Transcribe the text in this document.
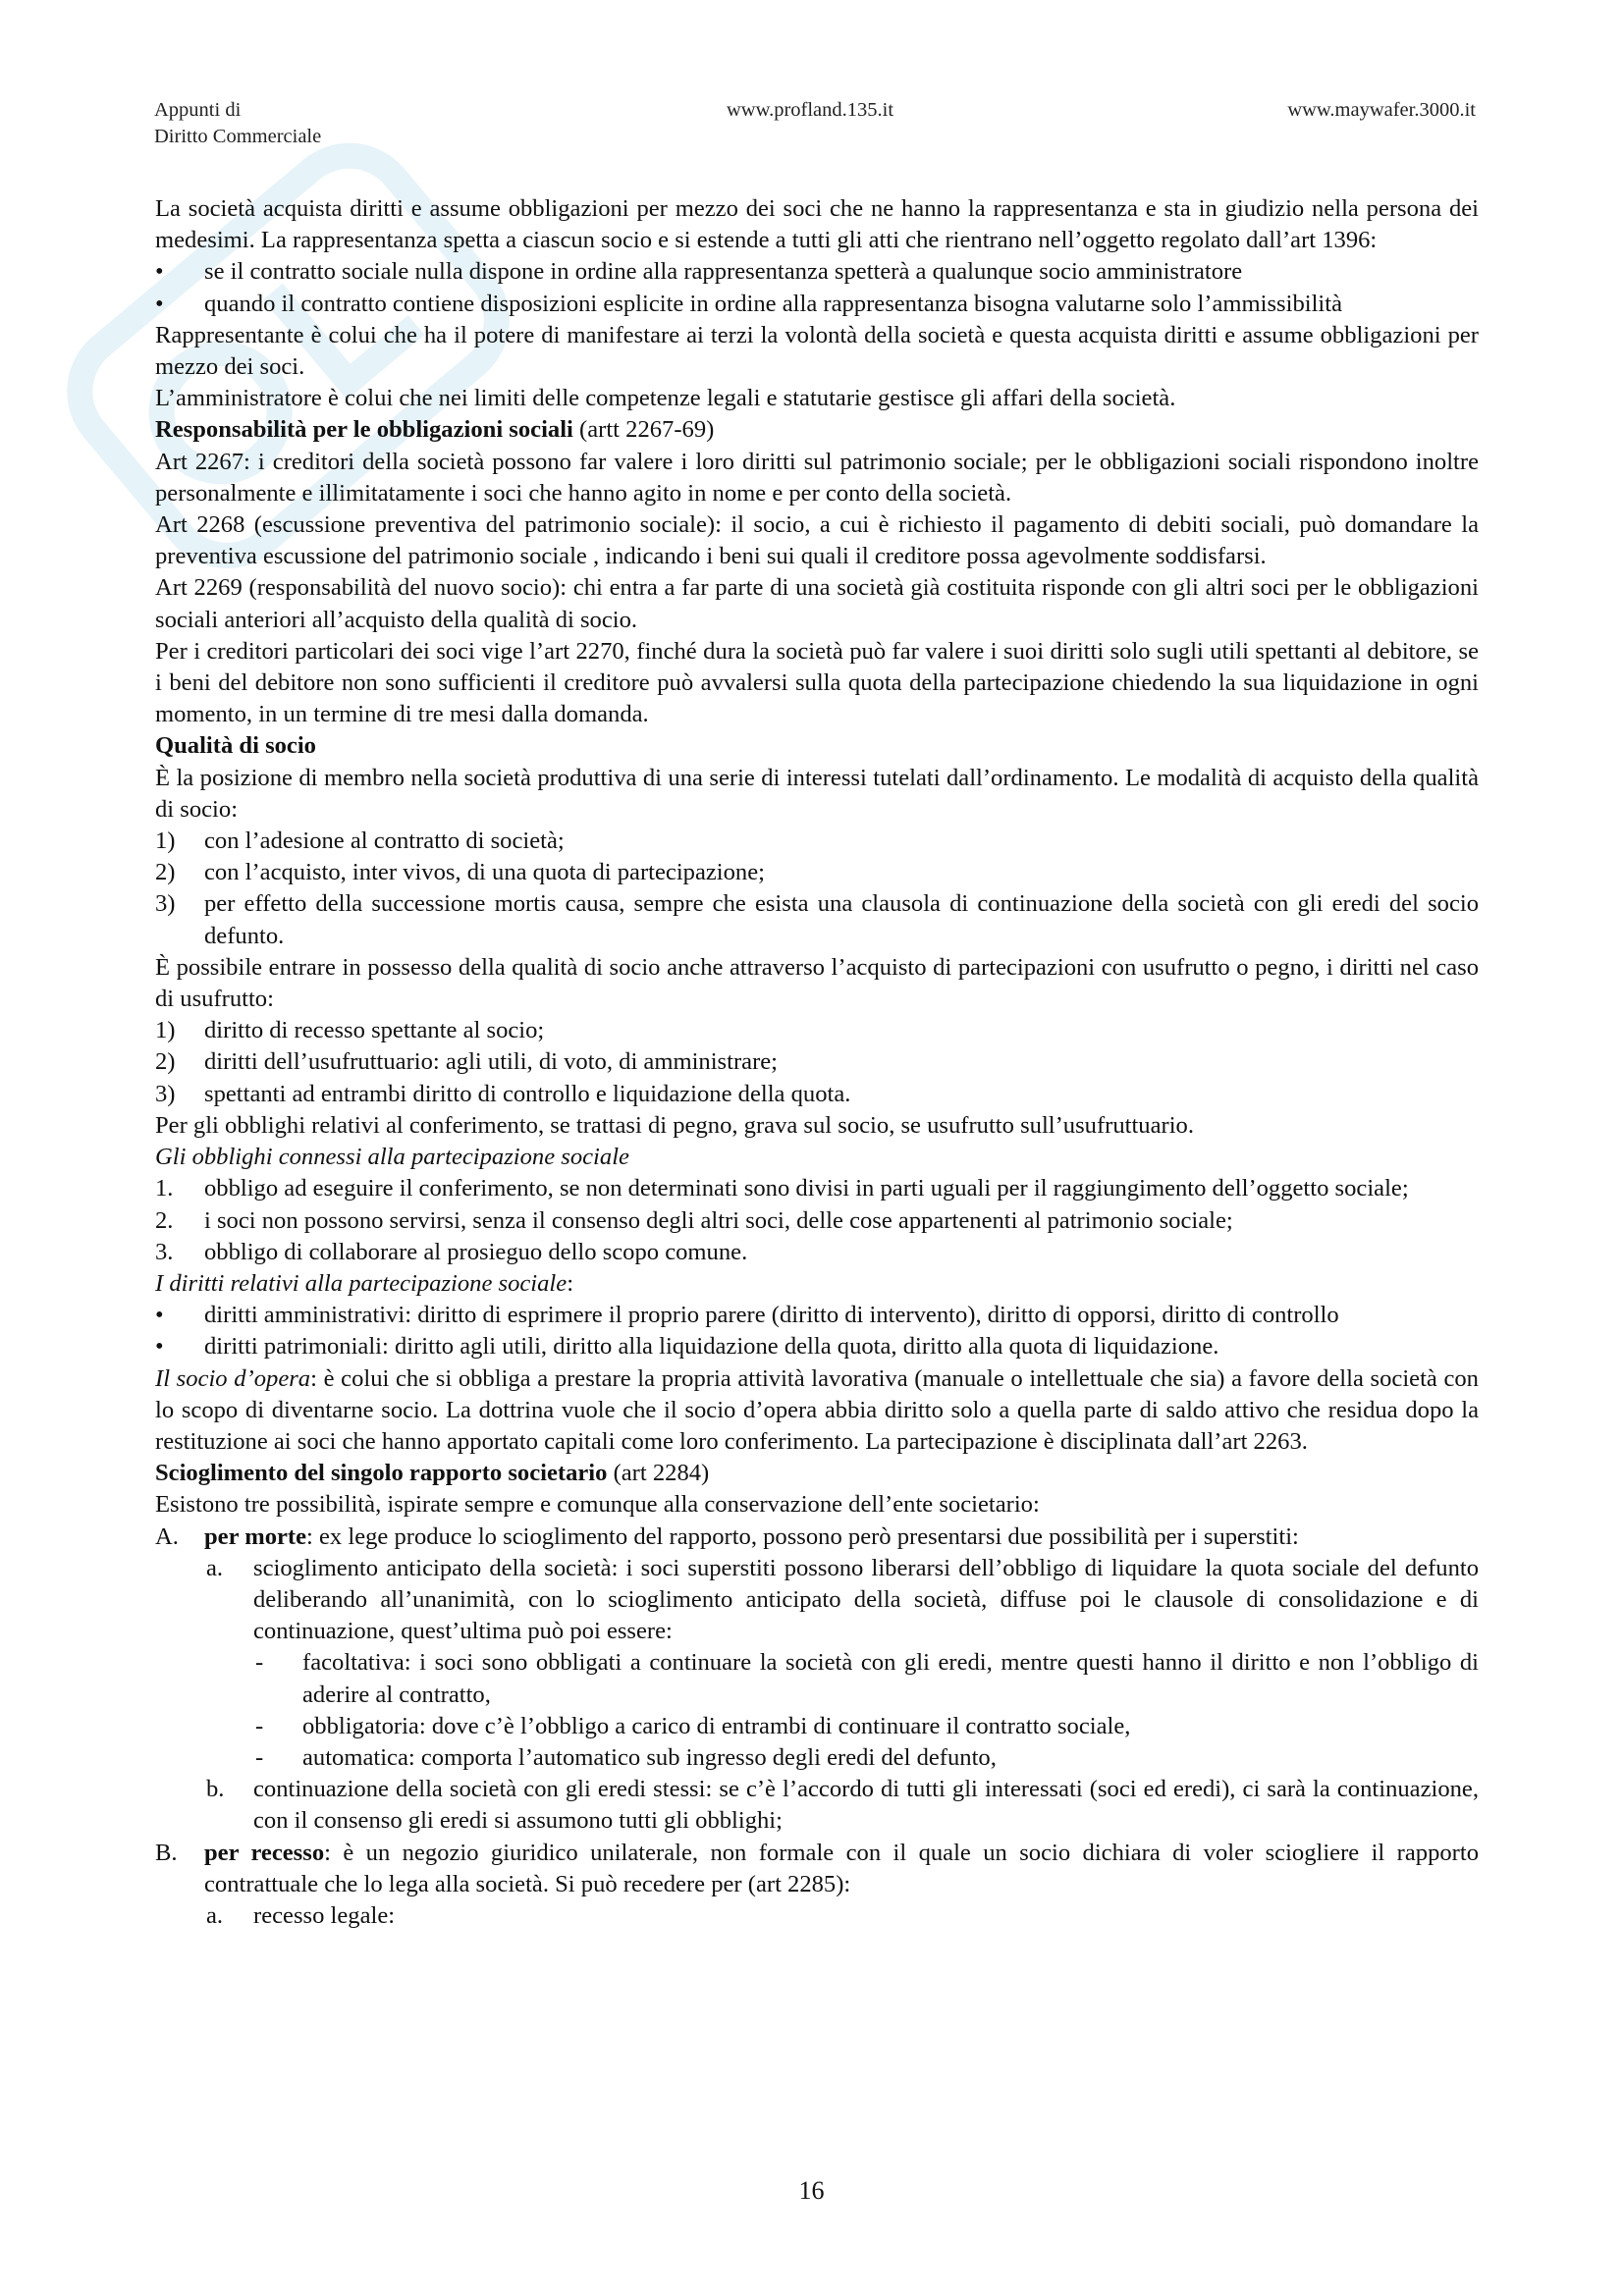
Appunti di
Diritto Commerciale
www.profland.135.it	www.maywafer.3000.it

La società acquista diritti e assume obbligazioni per mezzo dei soci che ne hanno la rappresentanza e sta in giudizio nella persona dei medesimi. La rappresentanza spetta a ciascun socio e si estende a tutti gli atti che rientrano nell’oggetto regolato dall’art 1396:

• se il contratto sociale nulla dispone in ordine alla rappresentanza spetterà a qualunque socio amministratore
• quando il contratto contiene disposizioni esplicite in ordine alla rappresentanza bisogna valutarne solo l’ammissibilità

Rappresentante è colui che ha il potere di manifestare ai terzi la volontà della società e questa acquista diritti e assume obbligazioni per mezzo dei soci.

L’amministratore è colui che nei limiti delle competenze legali e statutarie gestisce gli affari della società.

Responsabilità per le obbligazioni sociali (artt 2267-69)

Art 2267: i creditori della società possono far valere i loro diritti sul patrimonio sociale; per le obbligazioni sociali rispondono inoltre personalmente e illimitatamente i soci che hanno agito in nome e per conto della società.

Art 2268 (escussione preventiva del patrimonio sociale): il socio, a cui è richiesto il pagamento di debiti sociali, può domandare la preventiva escussione del patrimonio sociale , indicando i beni sui quali il creditore possa agevolmente soddisfarsi.

Art 2269 (responsabilità del nuovo socio): chi entra a far parte di una società già costituita risponde con gli altri soci per le obbligazioni sociali anteriori all’acquisto della qualità di socio.

Per i creditori particolari dei soci vige l’art 2270, finché dura la società può far valere i suoi diritti solo sugli utili spettanti al debitore, se i beni del debitore non sono sufficienti il creditore può avvalersi sulla quota della partecipazione chiedendo la sua liquidazione in ogni momento, in un termine di tre mesi dalla domanda.

Qualità di socio

È la posizione di membro nella società produttiva di una serie di interessi tutelati dall’ordinamento. Le modalità di acquisto della qualità di socio:

1) con l’adesione al contratto di società;
2) con l’acquisto, inter vivos, di una quota di partecipazione;
3) per effetto della successione mortis causa, sempre che esista una clausola di continuazione della società con gli eredi del socio defunto.

È possibile entrare in possesso della qualità di socio anche attraverso l’acquisto di partecipazioni con usufrutto o pegno, i diritti nel caso di usufrutto:

1) diritto di recesso spettante al socio;
2) diritti dell’usufruttuario: agli utili, di voto, di amministrare;
3) spettanti ad entrambi diritto di controllo e liquidazione della quota.

Per gli obblighi relativi al conferimento, se trattasi di pegno, grava sul socio, se usufrutto sull’usufruttuario.

Gli obblighi connessi alla partecipazione sociale

1. obbligo ad eseguire il conferimento, se non determinati sono divisi in parti uguali per il raggiungimento dell’oggetto sociale;
2. i soci non possono servirsi, senza il consenso degli altri soci, delle cose appartenenti al patrimonio sociale;
3. obbligo di collaborare al prosieguo dello scopo comune.

I diritti relativi alla partecipazione sociale:

• diritti amministrativi: diritto di esprimere il proprio parere (diritto di intervento), diritto di opporsi, diritto di controllo
• diritti patrimoniali: diritto agli utili, diritto alla liquidazione della quota, diritto alla quota di liquidazione.

Il socio d’opera: è colui che si obbliga a prestare la propria attività lavorativa (manuale o intellettuale che sia) a favore della società con lo scopo di diventarne socio. La dottrina vuole che il socio d’opera abbia diritto solo a quella parte di saldo attivo che residua dopo la restituzione ai soci che hanno apportato capitali come loro conferimento. La partecipazione è disciplinata dall’art 2263.

Scioglimento del singolo rapporto societario (art 2284)

Esistono tre possibilità, ispirate sempre e comunque alla conservazione dell’ente societario:

A. per morte: ex lege produce lo scioglimento del rapporto, possono però presentarsi due possibilità per i superstiti:
a. scioglimento anticipato della società: i soci superstiti possono liberarsi dell’obbligo di liquidare la quota sociale del defunto deliberando all’unanimità, con lo scioglimento anticipato della società, diffuse poi le clausole di consolidazione e di continuazione, quest’ultima può poi essere:
- facoltativa: i soci sono obbligati a continuare la società con gli eredi, mentre questi hanno il diritto e non l’obbligo di aderire al contratto,
- obbligatoria: dove c’è l’obbligo a carico di entrambi di continuare il contratto sociale,
- automatica: comporta l’automatico sub ingresso degli eredi del defunto,
b. continuazione della società con gli eredi stessi: se c’è l’accordo di tutti gli interessati (soci ed eredi), ci sarà la continuazione, con il consenso gli eredi si assumono tutti gli obblighi;
B. per recesso: è un negozio giuridico unilaterale, non formale con il quale un socio dichiara di voler sciogliere il rapporto contrattuale che lo lega alla società. Si può recedere per (art 2285):
a. recesso legale:
16
